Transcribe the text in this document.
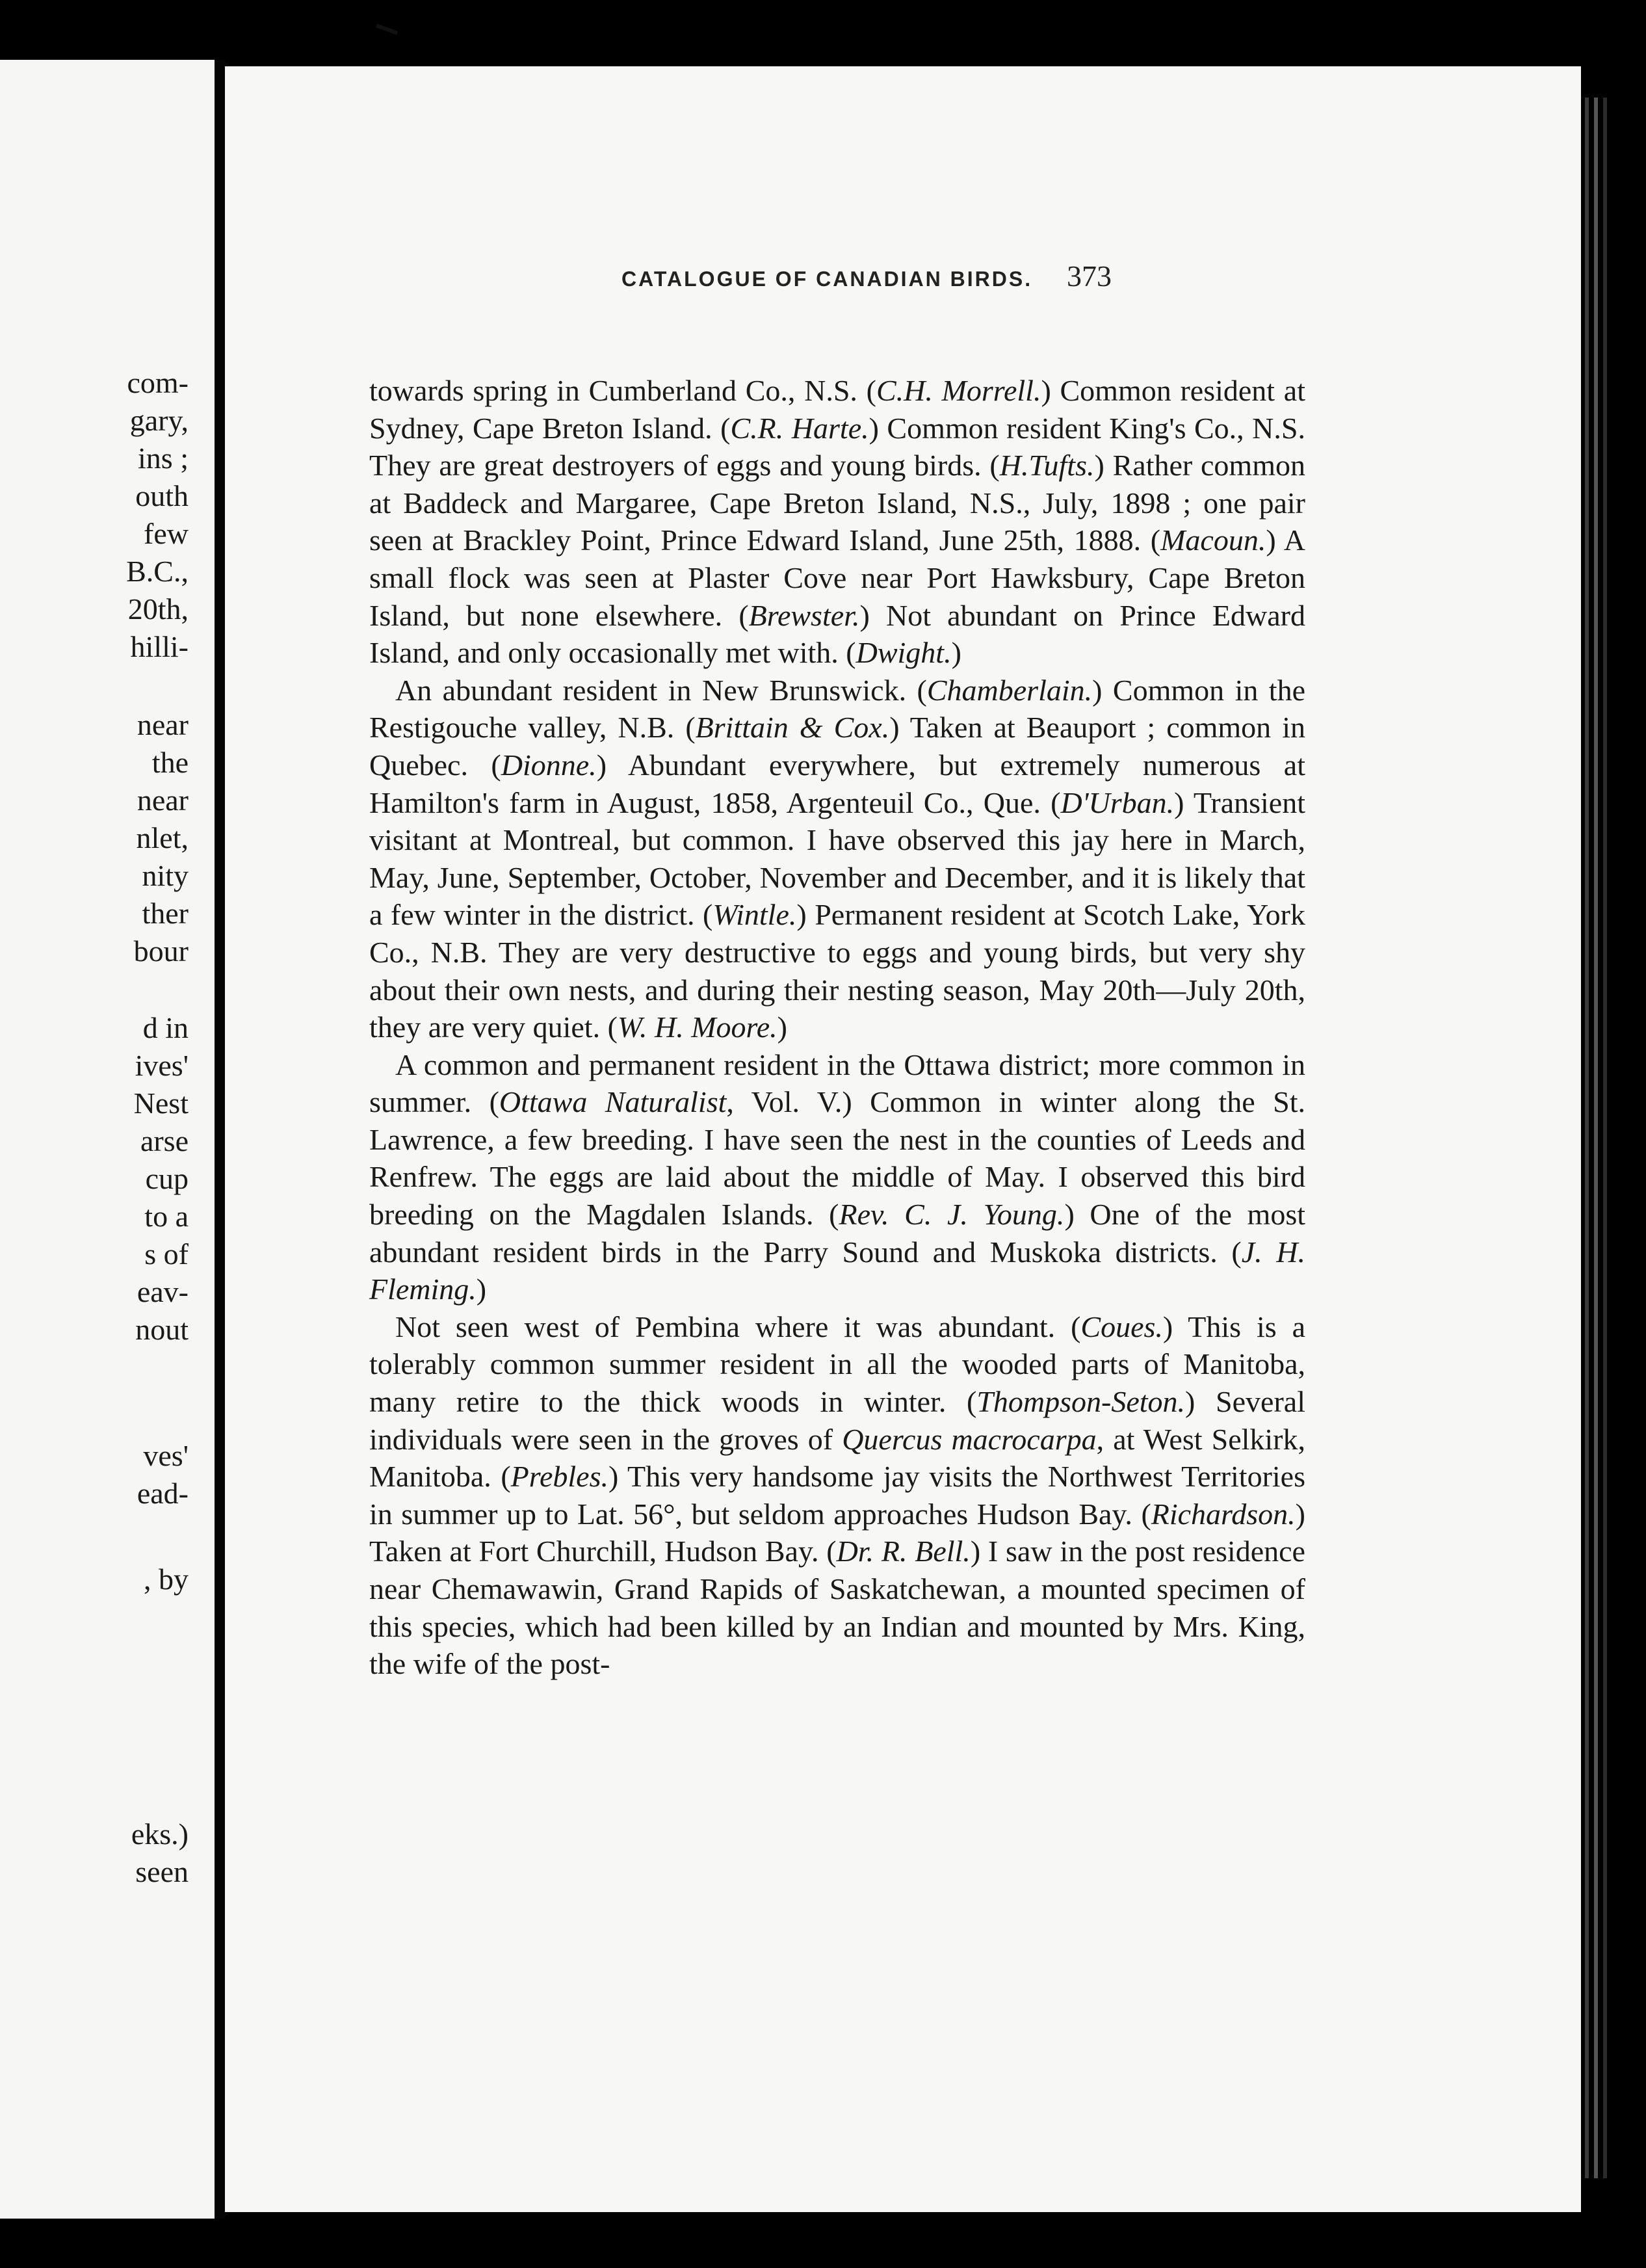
com-
gary,
ins ;
outh
few
B.C.,
20th,
hilli-
near
the
near
nlet,
nity
ther
bour
d in
ives'
Nest
arse
cup
to a
s of
eav-
nout
ves'
ead-
, by
eks.)
seen
CATALOGUE OF CANADIAN BIRDS. 373

towards spring in Cumberland Co., N.S. (C.H. Morrell.) Common resident at Sydney, Cape Breton Island. (C.R. Harte.) Common resident King's Co., N.S. They are great destroyers of eggs and young birds. (H.Tufts.) Rather common at Baddeck and Margaree, Cape Breton Island, N.S., July, 1898 ; one pair seen at Brackley Point, Prince Edward Island, June 25th, 1888. (Macoun.) A small flock was seen at Plaster Cove near Port Hawksbury, Cape Breton Island, but none elsewhere. (Brewster.) Not abundant on Prince Edward Island, and only occasionally met with. (Dwight.)

An abundant resident in New Brunswick. (Chamberlain.) Common in the Restigouche valley, N.B. (Brittain & Cox.) Taken at Beauport ; common in Quebec. (Dionne.) Abundant everywhere, but extremely numerous at Hamilton's farm in August, 1858, Argenteuil Co., Que. (D'Urban.) Transient visitant at Montreal, but common. I have observed this jay here in March, May, June, September, October, November and December, and it is likely that a few winter in the district. (Wintle.) Permanent resident at Scotch Lake, York Co., N.B. They are very destructive to eggs and young birds, but very shy about their own nests, and during their nesting season, May 20th—July 20th, they are very quiet. (W. H. Moore.)

A common and permanent resident in the Ottawa district; more common in summer. (Ottawa Naturalist, Vol. V.) Common in winter along the St. Lawrence, a few breeding. I have seen the nest in the counties of Leeds and Renfrew. The eggs are laid about the middle of May. I observed this bird breeding on the Magdalen Islands. (Rev. C. J. Young.) One of the most abundant resident birds in the Parry Sound and Muskoka districts. (J. H. Fleming.)

Not seen west of Pembina where it was abundant. (Coues.) This is a tolerably common summer resident in all the wooded parts of Manitoba, many retire to the thick woods in winter. (Thompson-Seton.) Several individuals were seen in the groves of Quercus macrocarpa, at West Selkirk, Manitoba. (Prebles.) This very handsome jay visits the Northwest Territories in summer up to Lat. 56°, but seldom approaches Hudson Bay. (Richardson.) Taken at Fort Churchill, Hudson Bay. (Dr. R. Bell.) I saw in the post residence near Chemawawin, Grand Rapids of Saskatchewan, a mounted specimen of this species, which had been killed by an Indian and mounted by Mrs. King, the wife of the post-
